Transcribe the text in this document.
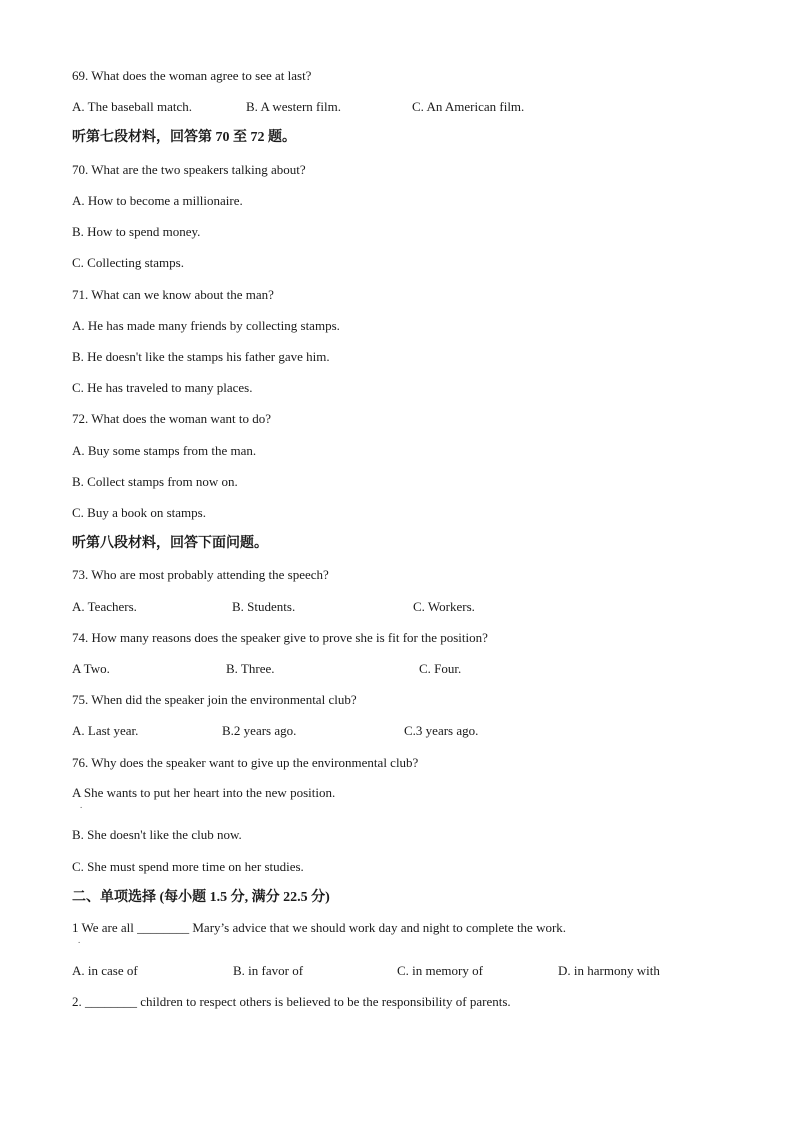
69. What does the woman agree to see at last?
A. The baseball match.	B. A western film.	C. An American film.
听第七段材料，回答第 70 至 72 题。
70. What are the two speakers talking about?
A. How to become a millionaire.
B. How to spend money.
C. Collecting stamps.
71. What can we know about the man?
A. He has made many friends by collecting stamps.
B. He doesn't like the stamps his father gave him.
C. He has traveled to many places.
72. What does the woman want to do?
A. Buy some stamps from the man.
B. Collect stamps from now on.
C. Buy a book on stamps.
听第八段材料，回答下面问题。
73. Who are most probably attending the speech?
A. Teachers.	B. Students.	C. Workers.
74. How many reasons does the speaker give to prove she is fit for the position?
A Two.	B. Three.	C. Four.
75. When did the speaker join the environmental club?
A. Last year.	B.2 years ago.	C.3 years ago.
76. Why does the speaker want to give up the environmental club?
A She wants to put her heart into the new position.
.
B. She doesn't like the club now.
C. She must spend more time on her studies.
二、单项选择 (每小题 1.5 分, 满分 22.5 分)
1 We are all ________ Mary’s advice that we should work day and night to complete the work.
.
A. in case of	B. in favor of	C. in memory of	D. in harmony with
2. ________ children to respect others is believed to be the responsibility of parents.
